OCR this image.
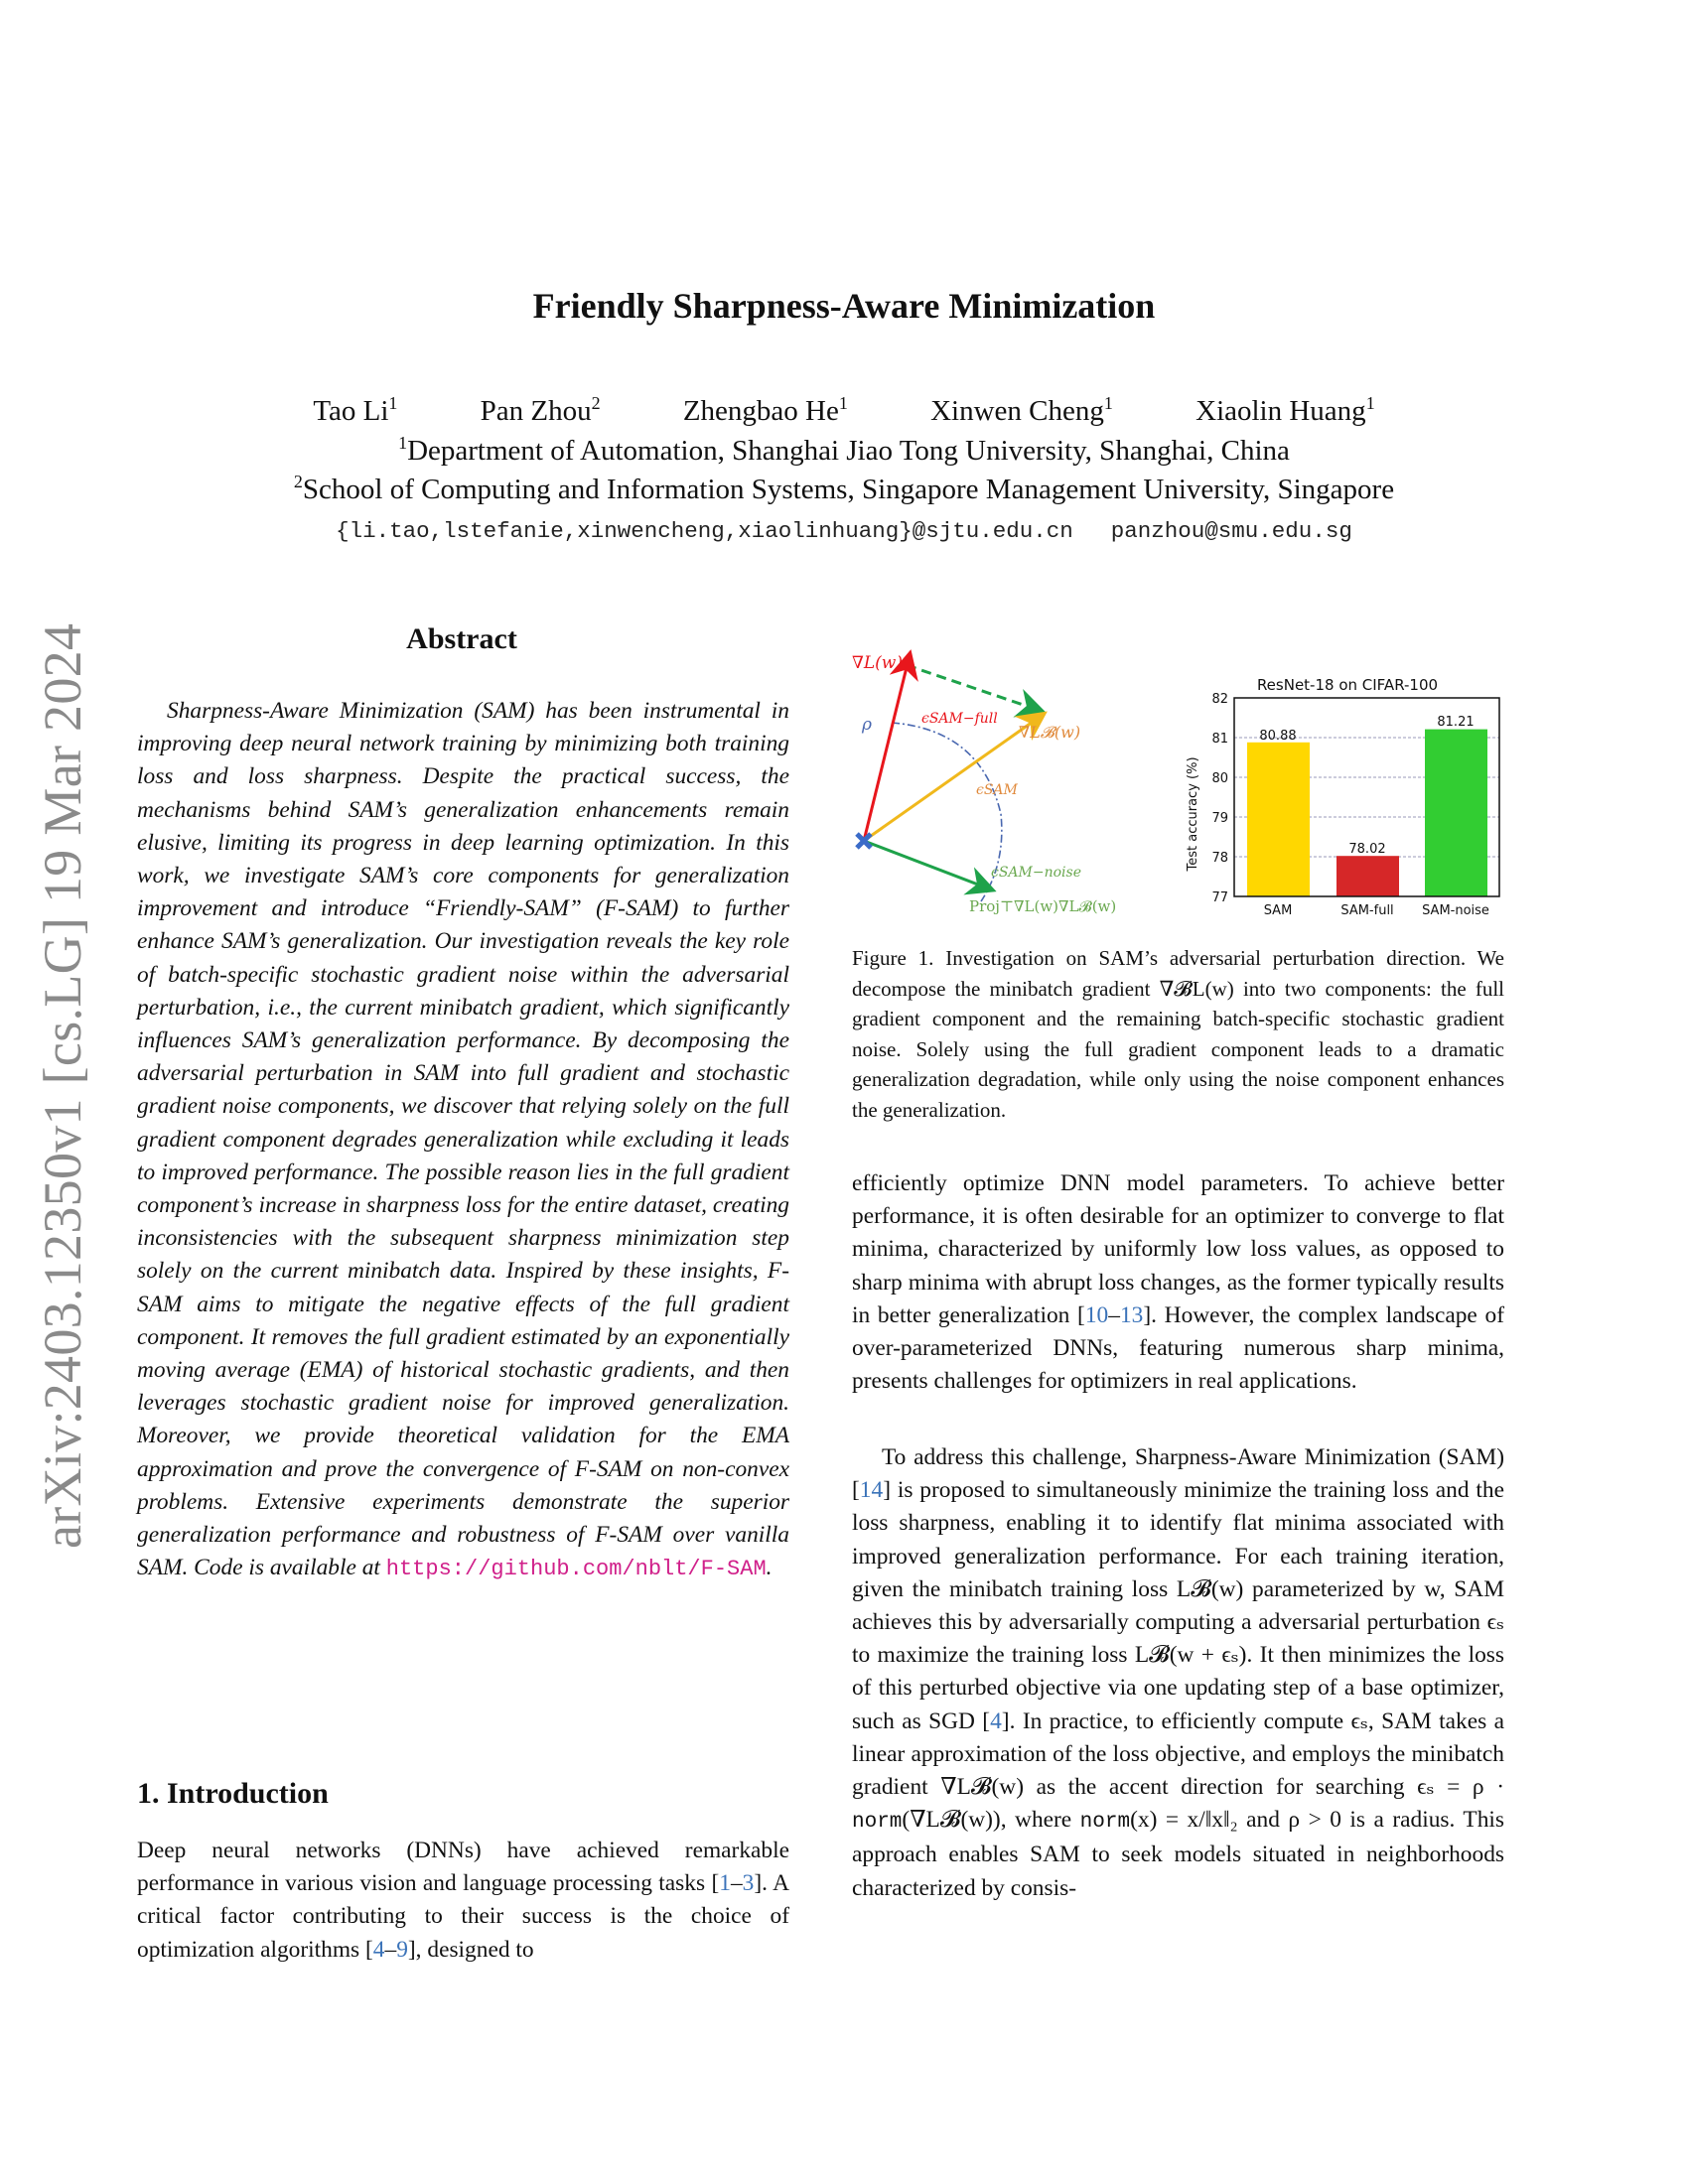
arXiv:2403.12350v1 [cs.LG] 19 Mar 2024
Friendly Sharpness-Aware Minimization
Tao Li$^1$	Pan Zhou$^2$	Zhengbao He$^1$	Xinwen Cheng$^1$	Xiaolin Huang$^1$
$^1$Department of Automation, Shanghai Jiao Tong University, Shanghai, China
$^2$School of Computing and Information Systems, Singapore Management University, Singapore
{li.tao,lstefanie,xinwencheng,xiaolinhuang}@sjtu.edu.cn panzhou@smu.edu.sg
Abstract
Sharpness-Aware Minimization (SAM) has been instrumental in improving deep neural network training by minimizing both training loss and loss sharpness. Despite the practical success, the mechanisms behind SAM’s generalization enhancements remain elusive, limiting its progress in deep learning optimization. In this work, we investigate SAM’s core components for generalization improvement and introduce “Friendly-SAM” (F-SAM) to further enhance SAM’s generalization. Our investigation reveals the key role of batch-specific stochastic gradient noise within the adversarial perturbation, i.e., the current minibatch gradient, which significantly influences SAM’s generalization performance. By decomposing the adversarial perturbation in SAM into full gradient and stochastic gradient noise components, we discover that relying solely on the full gradient component degrades generalization while excluding it leads to improved performance. The possible reason lies in the full gradient component’s increase in sharpness loss for the entire dataset, creating inconsistencies with the subsequent sharpness minimization step solely on the current minibatch data. Inspired by these insights, F-SAM aims to mitigate the negative effects of the full gradient component. It removes the full gradient estimated by an exponentially moving average (EMA) of historical stochastic gradients, and then leverages stochastic gradient noise for improved generalization. Moreover, we provide theoretical validation for the EMA approximation and prove the convergence of F-SAM on non-convex problems. Extensive experiments demonstrate the superior generalization performance and robustness of F-SAM over vanilla SAM. Code is available at https://github.com/nblt/F-SAM.
1. Introduction
Deep neural networks (DNNs) have achieved remarkable performance in various vision and language processing tasks [1–3]. A critical factor contributing to their success is the choice of optimization algorithms [4–9], designed to
∇L(w)
∇L𝓑(w)
ρ	ϵSAM−full
ϵSAM
ϵSAM−noise
Proj⊤∇L(w)∇L𝓑(w)
ResNet-18 on CIFAR-100
Test accuracy (%)
77
78
79
80
81
82
80.88
78.02
81.21
SAM	SAM-full SAM-noise
Figure 1. Investigation on SAM’s adversarial perturbation direction. We decompose the minibatch gradient ∇𝓑L(w) into two components: the full gradient component and the remaining batch-specific stochastic gradient noise. Solely using the full gradient component leads to a dramatic generalization degradation, while only using the noise component enhances the generalization.
efficiently optimize DNN model parameters. To achieve better performance, it is often desirable for an optimizer to converge to flat minima, characterized by uniformly low loss values, as opposed to sharp minima with abrupt loss changes, as the former typically results in better generalization [10–13]. However, the complex landscape of over-parameterized DNNs, featuring numerous sharp minima, presents challenges for optimizers in real applications.
To address this challenge, Sharpness-Aware Minimization (SAM) [14] is proposed to simultaneously minimize the training loss and the loss sharpness, enabling it to identify flat minima associated with improved generalization performance. For each training iteration, given the minibatch training loss L𝓑(w) parameterized by w, SAM achieves this by adversarially computing a adversarial perturbation ϵₛ to maximize the training loss L𝓑(w + ϵₛ). It then minimizes the loss of this perturbed objective via one updating step of a base optimizer, such as SGD [4]. In practice, to efficiently compute ϵₛ, SAM takes a linear approximation of the loss objective, and employs the minibatch gradient ∇L𝓑(w) as the accent direction for searching ϵₛ = ρ · norm(∇L𝓑(w)), where norm(x) = x/‖x‖₂ and ρ > 0 is a radius. This approach enables SAM to seek models situated in neighborhoods characterized by consis-
